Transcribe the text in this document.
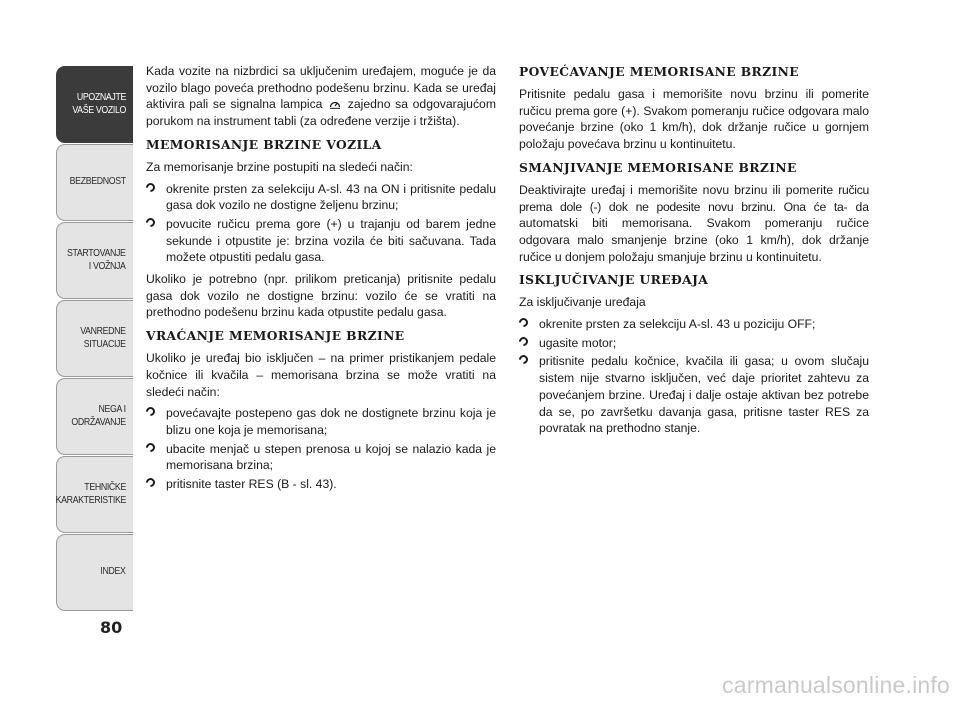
UPOZNAJTE
VAŠE VOZILO
BEZBEDNOST
STARTOVANJE
I VOŽNJA
VANREDNE
SITUACIJE
NEGA I
ODRŽAVANJE
TEHNIČKE
KARAKTERISTIKE
INDEX
80

Kada vozite na nizbrdici sa uključenim uređajem, moguće je da vozilo blago poveća prethodno podešenu brzinu. Kada se uređaj aktivira pali se signalna lampica zajedno sa odgovarajućom porukom na instrument tabli (za određene verzije i tržišta).

MEMORISANJE BRZINE VOZILA

Za memorisanje brzine postupiti na sledeći način:

okrenite prsten za selekciju A-sl. 43 na ON i pritisnite pedalu gasa dok vozilo ne dostigne željenu brzinu;
povucite ručicu prema gore (+) u trajanju od barem jedne sekunde i otpustite je: brzina vozila će biti sačuvana. Tada možete otpustiti pedalu gasa.

Ukoliko je potrebno (npr. prilikom preticanja) pritisnite pedalu gasa dok vozilo ne dostigne brzinu: vozilo će se vratiti na prethodno podešenu brzinu kada otpustite pedalu gasa.

VRAĆANJE MEMORISANJE BRZINE

Ukoliko je uređaj bio isključen – na primer pristikanjem pedale kočnice ili kvačila – memorisana brzina se može vratiti na sledeći način:

povećavajte postepeno gas dok ne dostignete brzinu koja je blizu one koja je memorisana;
ubacite menjač u stepen prenosa u kojoj se nalazio kada je memorisana brzina;
pritisnite taster RES (B - sl. 43).
POVEĆAVANJE MEMORISANE BRZINE

Pritisnite pedalu gasa i memorišite novu brzinu ili pomerite ručicu prema gore (+). Svakom pomeranju ručice odgovara malo povećanje brzine (oko 1 km/h), dok držanje ručice u gornjem položaju povećava brzinu u kontinuitetu.

SMANJIVANJE MEMORISANE BRZINE

Deaktivirajte uređaj i memorišite novu brzinu ili pomerite ručicu prema dole (-) dok ne podesite novu brzinu. Ona će ta- da automatski biti memorisana. Svakom pomeranju ručice odgovara malo smanjenje brzine (oko 1 km/h), dok držanje ručice u donjem položaju smanjuje brzinu u kontinuitetu.

ISKLJUČIVANJE UREĐAJA

Za isključivanje uređaja

okrenite prsten za selekciju A-sl. 43 u poziciju OFF;
ugasite motor;
pritisnite pedalu kočnice, kvačila ili gasa; u ovom slučaju sistem nije stvarno isključen, već daje prioritet zahtevu za povećanjem brzine. Uređaj i dalje ostaje aktivan bez potrebe da se, po završetku davanja gasa, pritisne taster RES za povratak na prethodno stanje.
carmanualsonline.info
